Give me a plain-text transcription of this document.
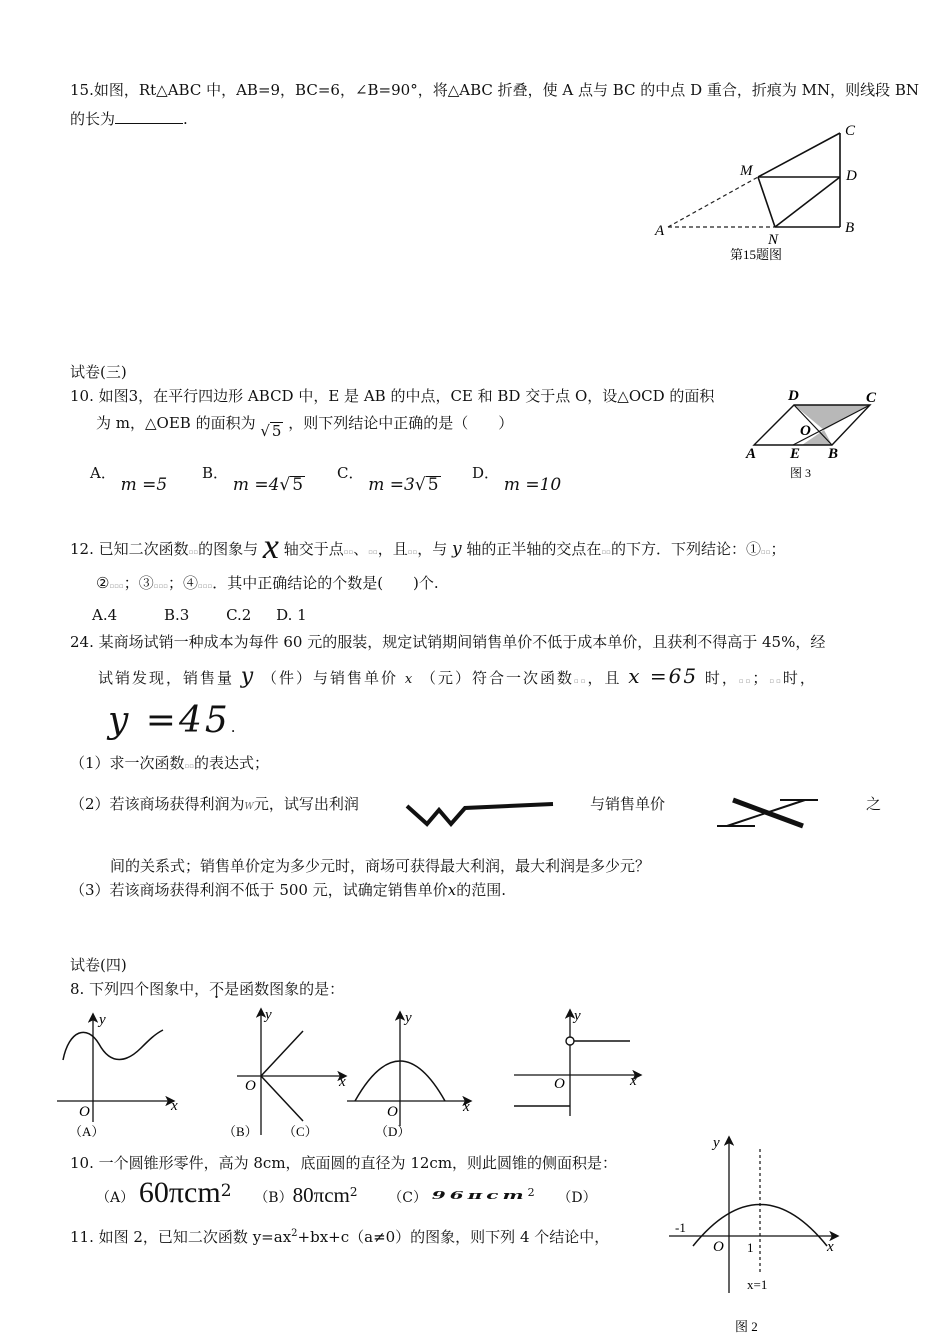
15.如图，Rt△ABC 中，AB=9，BC=6，∠B=90°，将△ABC 折叠，使 A 点与 BC 的中点 D 重合，折痕为 MN，则线段 BN
的长为	.
C
D
B
M
N
A
第15题图
试卷(三)
10. 如图3，在平行四边形 ABCD 中，E 是 AB 的中点，CE 和 BD 交于点 O，设△OCD 的面积
为 m，△OEB 的面积为 √ 5 ，则下列结论中正确的是（　　）
A． m =5
B． m =4√ 5
C． m =3√ 5
D． m =10
D	C
O
A E B
图 3
12. 已知二次函数▫▫的图象与 x 轴交于点▫▫、▫▫，且▫▫，与 y 轴的正半轴的交点在▫▫的下方．下列结论：①▫▫；
②▫▫▫；③▫▫▫；④▫▫▫．其中正确结论的个数是(　　)个.
A.4	B.3 C.2 D. 1
24. 某商场试销一种成本为每件 60 元的服装，规定试销期间销售单价不低于成本单价，且获利不得高于 45%，经
试销发现，销售量 y （件）与销售单价 x （元）符合一次函数▫▫，且 x =65 时，▫▫；▫▫时，
y =45.
（1）求一次函数▫▫的表达式；
（2）若该商场获得利润为W元，试写出利润	与销售单价	之
间的关系式；销售单价定为多少元时，商场可获得最大利润，最大利润是多少元？
（3）若该商场获得利润不低于 500 元，试确定销售单价x的范围.
试卷(四)
8. 下列四个图象中，不是函数图象的是：
y
x
O
（A）
y
x
O
（B）
y
x
O
（C）	（D）
y
x
O
10. 一个圆锥形零件，高为 8cm，底面圆的直径为 12cm，则此圆锥的侧面积是：
（A） 60πcm$^2$ （B）80πcm$^2$ （C） 96πcm$^2$ （D）
11. 如图 2，已知二次函数 $y=ax^2+bx+c(a\ne 0)$的图象，则下列 4 个结论中，
y
x
O
-1
1
x=1
图 2
